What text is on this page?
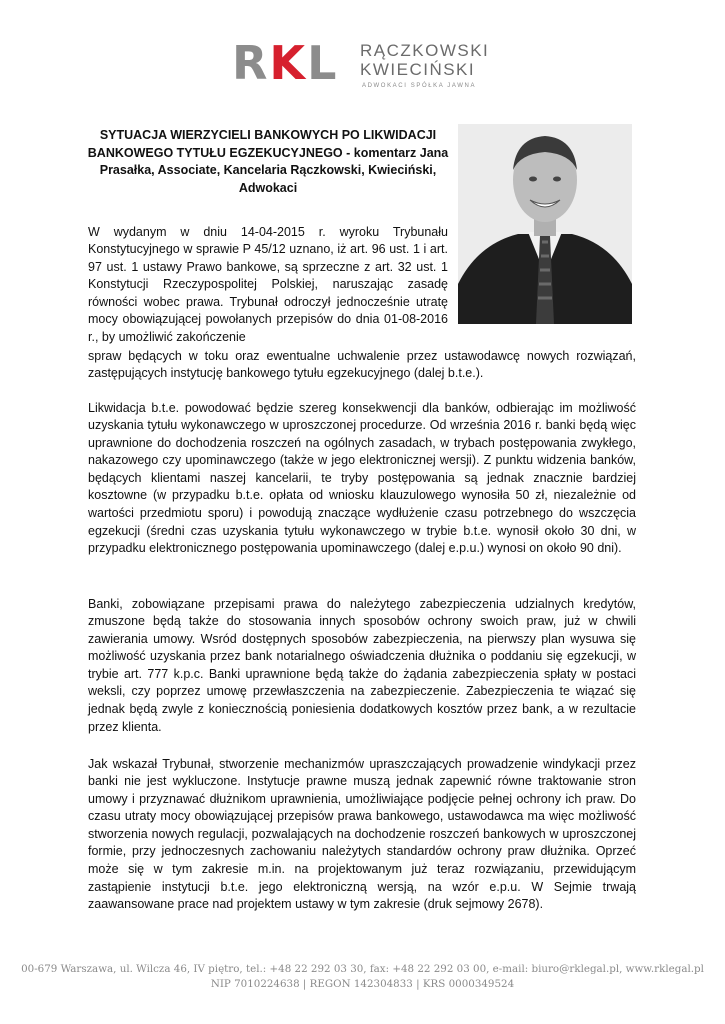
RKL RĄCZKOWSKI
KWIECIŃSKI
ADWOKACI SPÓŁKA JAWNA
SYTUACJA WIERZYCIELI BANKOWYCH PO LIKWIDACJI BANKOWEGO TYTUŁU EGZEKUCYJNEGO - komentarz Jana Prasałka, Associate, Kancelaria Rączkowski, Kwieciński, Adwokaci

W wydanym w dniu 14-04-2015 r. wyroku Trybunału Konstytucyjnego w sprawie P 45/12 uznano, iż art. 96 ust. 1 i art. 97 ust. 1 ustawy Prawo bankowe, są sprzeczne z art. 32 ust. 1 Konstytucji Rzeczypospolitej Polskiej, naruszając zasadę równości wobec prawa. Trybunał odroczył jednocześnie utratę mocy obowiązującej powołanych przepisów do dnia 01-08-2016 r., by umożliwić zakończenie

spraw będących w toku oraz ewentualne uchwalenie przez ustawodawcę nowych rozwiązań, zastępujących instytucję bankowego tytułu egzekucyjnego (dalej b.t.e.).

Likwidacja b.t.e. powodować będzie szereg konsekwencji dla banków, odbierając im możliwość uzyskania tytułu wykonawczego w uproszczonej procedurze. Od września 2016 r. banki będą więc uprawnione do dochodzenia roszczeń na ogólnych zasadach, w trybach postępowania zwykłego, nakazowego czy upominawczego (także w jego elektronicznej wersji). Z punktu widzenia banków, będących klientami naszej kancelarii, te tryby postępowania są jednak znacznie bardziej kosztowne (w przypadku b.t.e. opłata od wniosku klauzulowego wynosiła 50 zł, niezależnie od wartości przedmiotu sporu) i powodują znaczące wydłużenie czasu potrzebnego do wszczęcia egzekucji (średni czas uzyskania tytułu wykonawczego w trybie b.t.e. wynosił około 30 dni, w przypadku elektronicznego postępowania upominawczego (dalej e.p.u.) wynosi on około 90 dni).

Banki, zobowiązane przepisami prawa do należytego zabezpieczenia udzialnych kredytów, zmuszone będą także do stosowania innych sposobów ochrony swoich praw, już w chwili zawierania umowy. Wsród dostępnych sposobów zabezpieczenia, na pierwszy plan wysuwa się możliwość uzyskania przez bank notarialnego oświadczenia dłużnika o poddaniu się egzekucji, w trybie art. 777 k.p.c. Banki uprawnione będą także do żądania zabezpieczenia spłaty w postaci weksli, czy poprzez umowę przewłaszczenia na zabezpieczenie. Zabezpieczenia te wiązać się jednak będą zwyle z koniecznością poniesienia dodatkowych kosztów przez bank, a w rezultacie przez klienta.

Jak wskazał Trybunał, stworzenie mechanizmów upraszczających prowadzenie windykacji przez banki nie jest wykluczone. Instytucje prawne muszą jednak zapewnić równe traktowanie stron umowy i przyznawać dłużnikom uprawnienia, umożliwiające podjęcie pełnej ochrony ich praw. Do czasu utraty mocy obowiązującej przepisów prawa bankowego, ustawodawca ma więc możliwość stworzenia nowych regulacji, pozwalających na dochodzenie roszczeń bankowych w uproszczonej formie, przy jednoczesnych zachowaniu należytych standardów ochrony praw dłużnika. Oprzeć może się w tym zakresie m.in. na projektowanym już teraz rozwiązaniu, przewidującym zastąpienie instytucji b.t.e. jego elektroniczną wersją, na wzór e.p.u. W Sejmie trwają zaawansowane prace nad projektem ustawy w tym zakresie (druk sejmowy 2678).

00-679 Warszawa, ul. Wilcza 46, IV piętro, tel.: +48 22 292 03 30, fax: +48 22 292 03 00, e-mail: biuro@rklegal.pl, www.rklegal.pl
NIP 7010224638 | REGON 142304833 | KRS 0000349524
